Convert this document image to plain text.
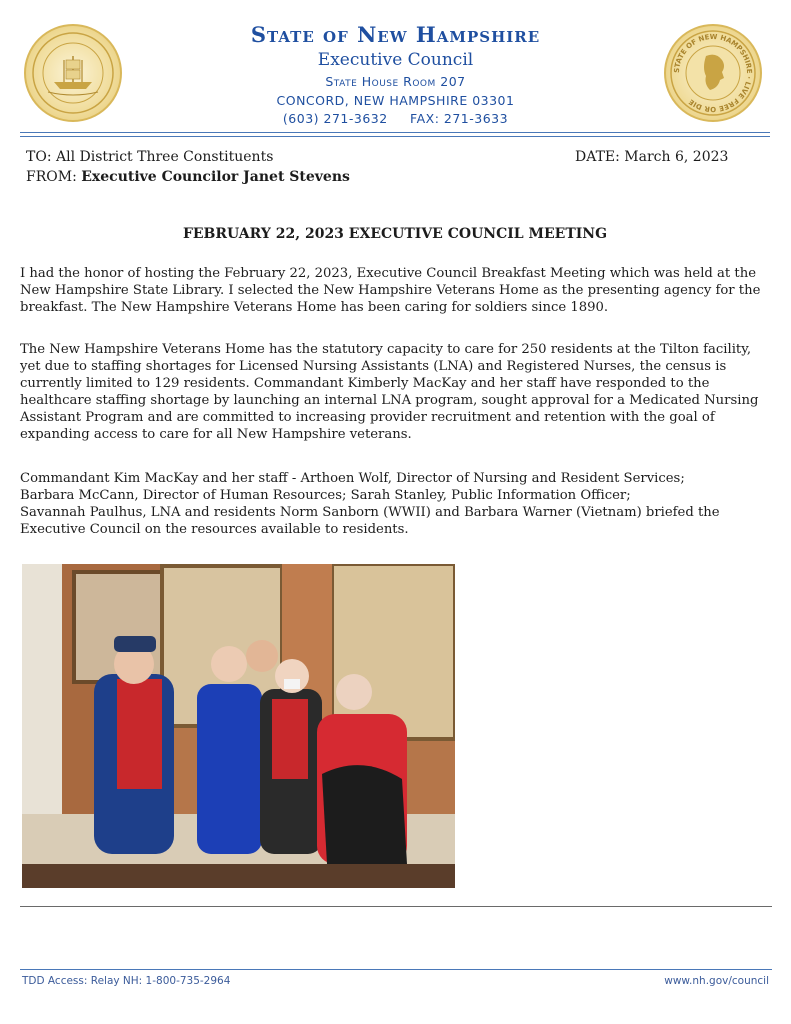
State of New Hampshire
Executive Council
State House Room 207
CONCORD, NEW HAMPSHIRE 03301
(603) 271-3632     FAX: 271-3633
STATE OF NEW HAMPSHIRE · LIVE FREE OR DIE
TO: All District Three Constituents
FROM: Executive Councilor Janet Stevens
DATE: March 6, 2023
FEBRUARY 22, 2023 EXECUTIVE COUNCIL MEETING

I had the honor of hosting the February 22, 2023, Executive Council Breakfast Meeting which was held at the
New Hampshire State Library. I selected the New Hampshire Veterans Home as the presenting agency for the
breakfast. The New Hampshire Veterans Home has been caring for soldiers since 1890.

The New Hampshire Veterans Home has the statutory capacity to care for 250 residents at the Tilton facility,
yet due to staffing shortages for Licensed Nursing Assistants (LNA) and Registered Nurses, the census is
currently limited to 129 residents. Commandant Kimberly MacKay and her staff have responded to the
healthcare staffing shortage by launching an internal LNA program, sought approval for a Medicated Nursing
Assistant Program and are committed to increasing provider recruitment and retention with the goal of
expanding access to care for all New Hampshire veterans.

Commandant Kim MacKay and her staff - Arthoen Wolf, Director of Nursing and Resident Services;
Barbara McCann, Director of Human Resources; Sarah Stanley, Public Information Officer;
Savannah Paulhus, LNA and residents Norm Sanborn (WWII) and Barbara Warner (Vietnam) briefed the
Executive Council on the resources available to residents.

TDD Access: Relay NH: 1-800-735-2964	www.nh.gov/council
